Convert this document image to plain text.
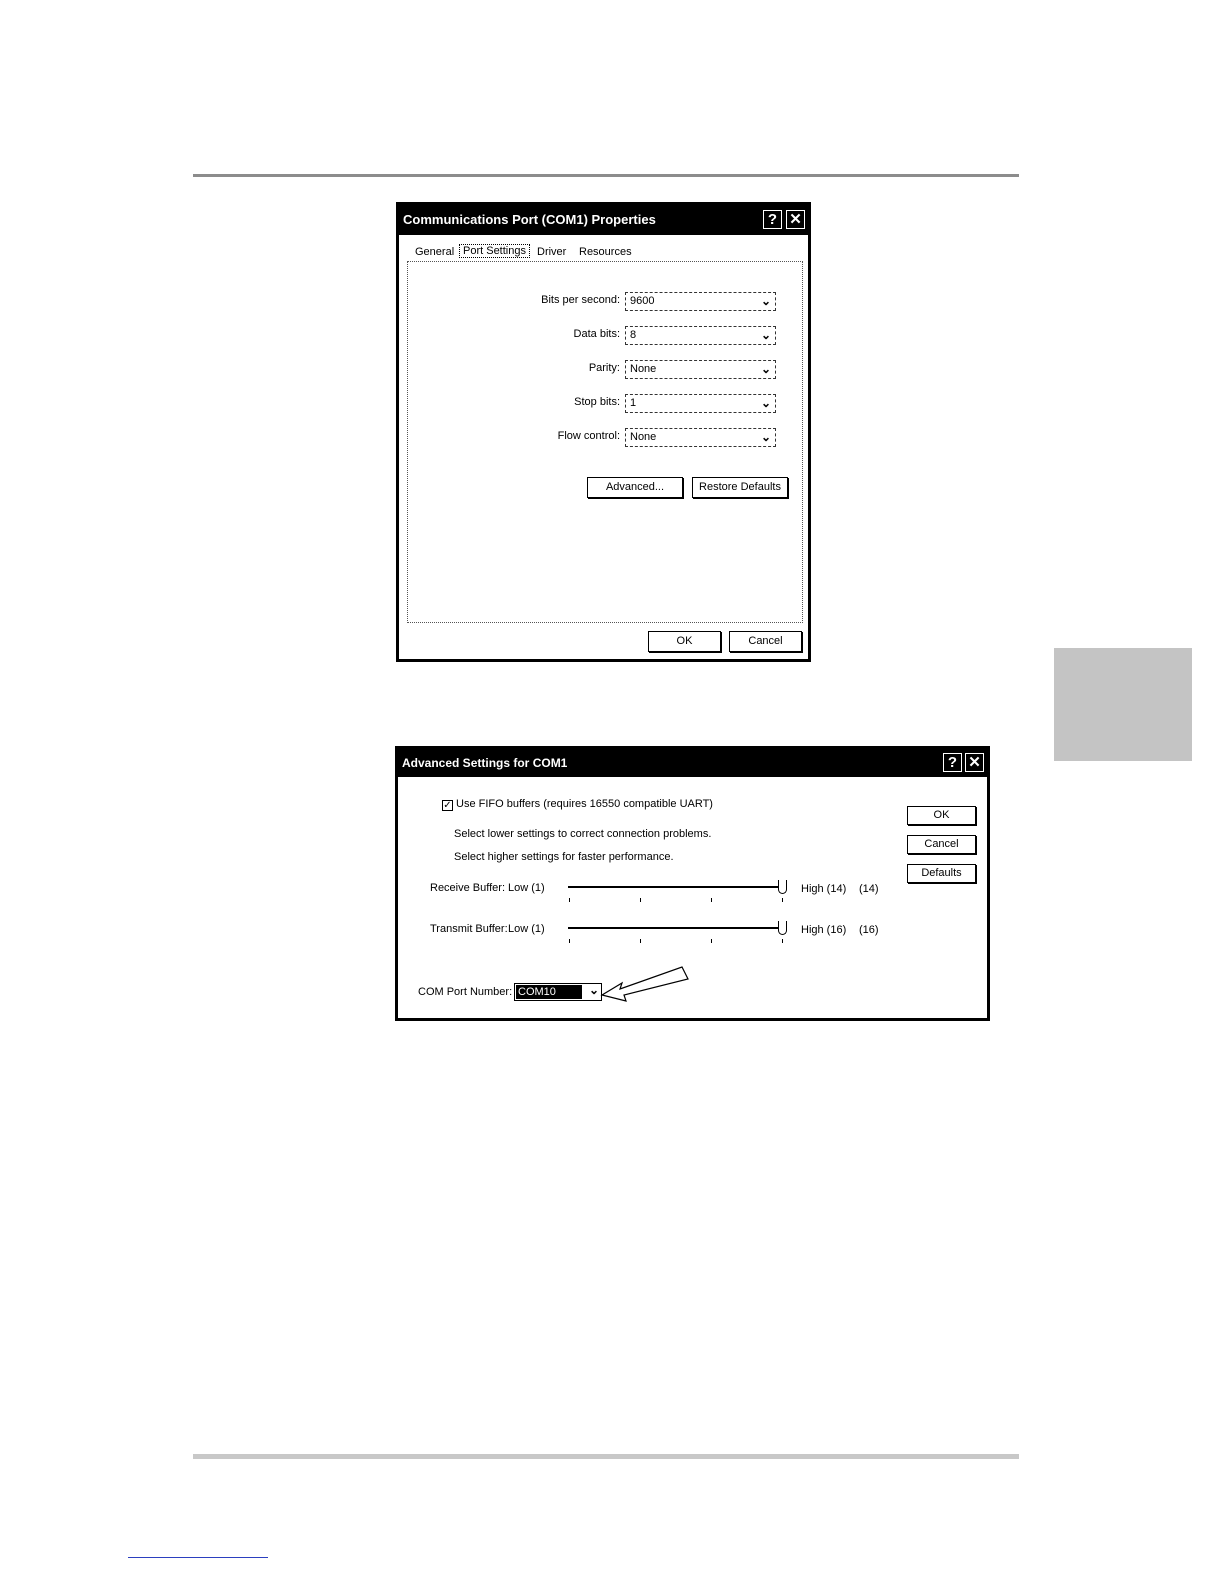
Communications Port (COM1) Properties	? ✕
General Port Settings	Driver Resources
Bits per second: 9600	⌄
Data bits: 8	⌄
Parity: None	⌄
Stop bits: 1	⌄
Flow control: None	⌄
Advanced...	Restore Defaults
OK	Cancel
Advanced Settings for COM1	? ✕
✓ Use FIFO buffers (requires 16550 compatible UART)
Select lower settings to correct connection problems.
Select higher settings for faster performance.
Receive Buffer: Low (1)	High (14) (14)
Transmit Buffer: Low (1)	High (16) (16)
COM Port Number: COM10	⌄
OK
Cancel
Defaults
